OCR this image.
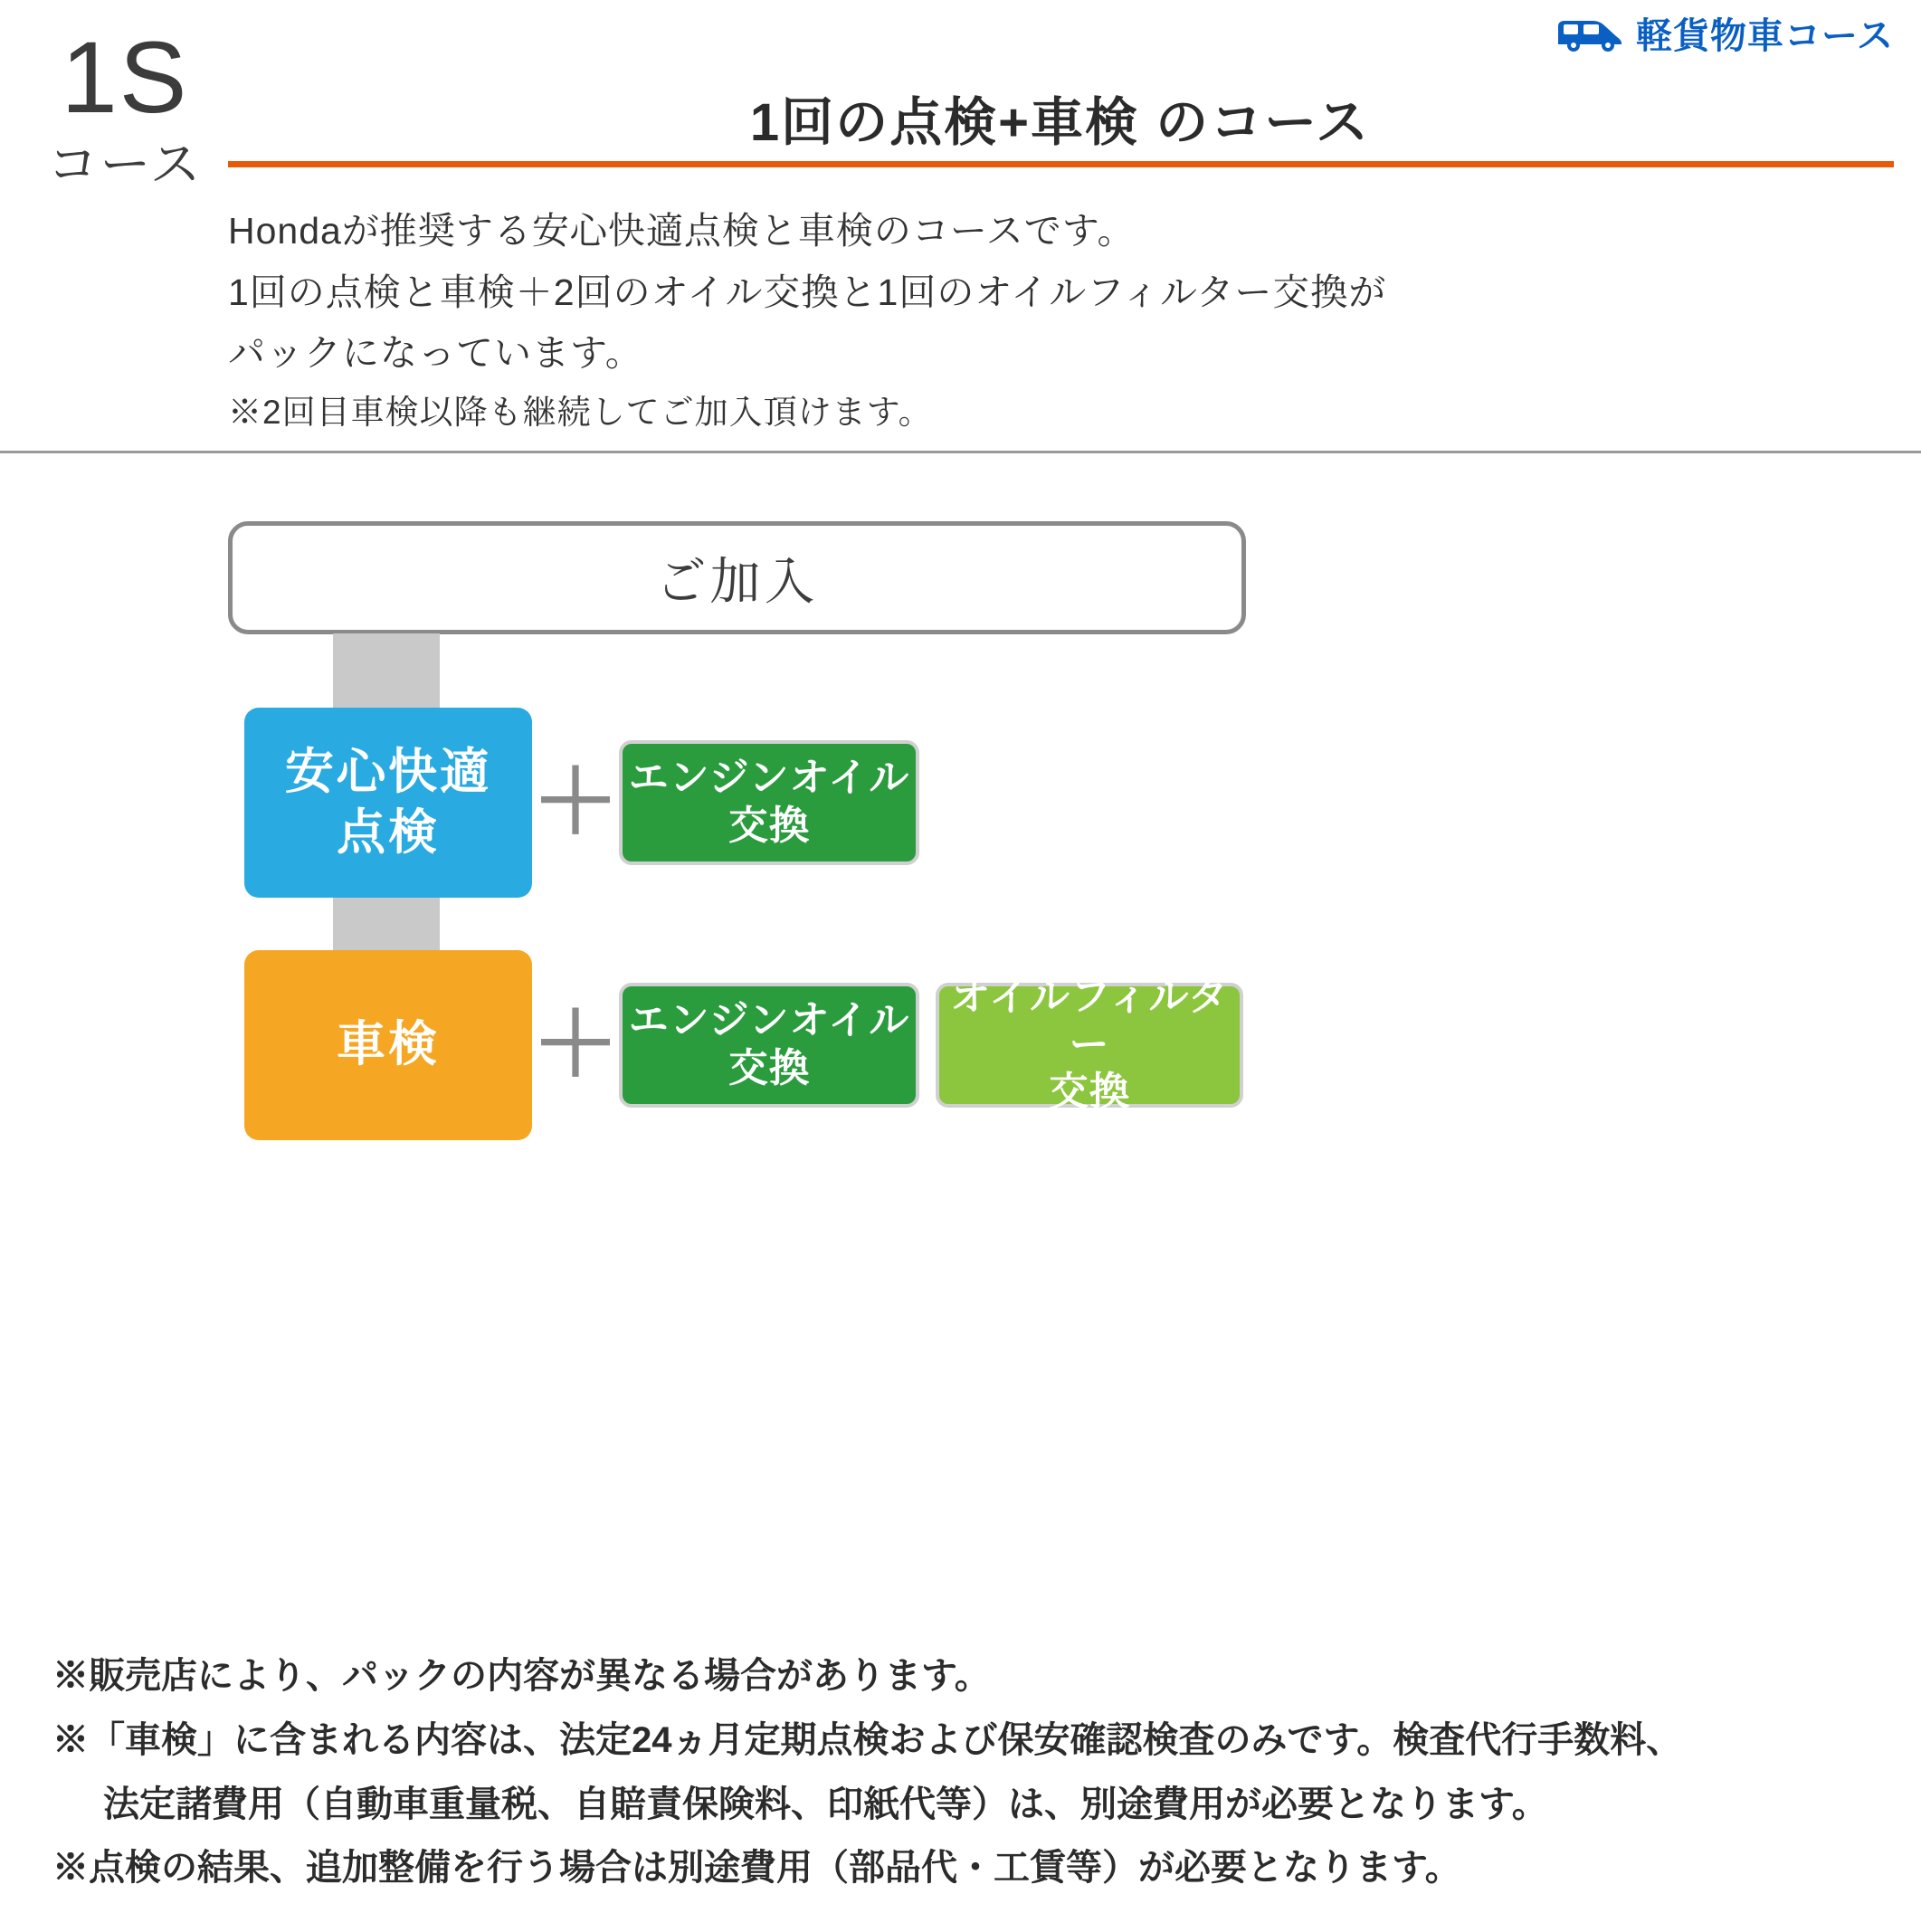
1S
コース
軽貨物車コース
1回の点検+車検 のコース
Hondaが推奨する安心快適点検と車検のコースです。
1回の点検と車検＋2回のオイル交換と1回のオイルフィルター交換が
パックになっています。
※2回目車検以降も継続してご加入頂けます。
ご加入
安心快適
点検	＋ エンジンオイル
交換
車検	＋ エンジンオイル
交換
オイルフィルター
交換

※販売店により、パックの内容が異なる場合があります。

※「車検」に含まれる内容は、法定24ヵ月定期点検および保安確認検査のみです。検査代行手数料、

法定諸費用（自動車重量税、自賠責保険料、印紙代等）は、別途費用が必要となります。

※点検の結果、追加整備を行う場合は別途費用（部品代・工賃等）が必要となります。
